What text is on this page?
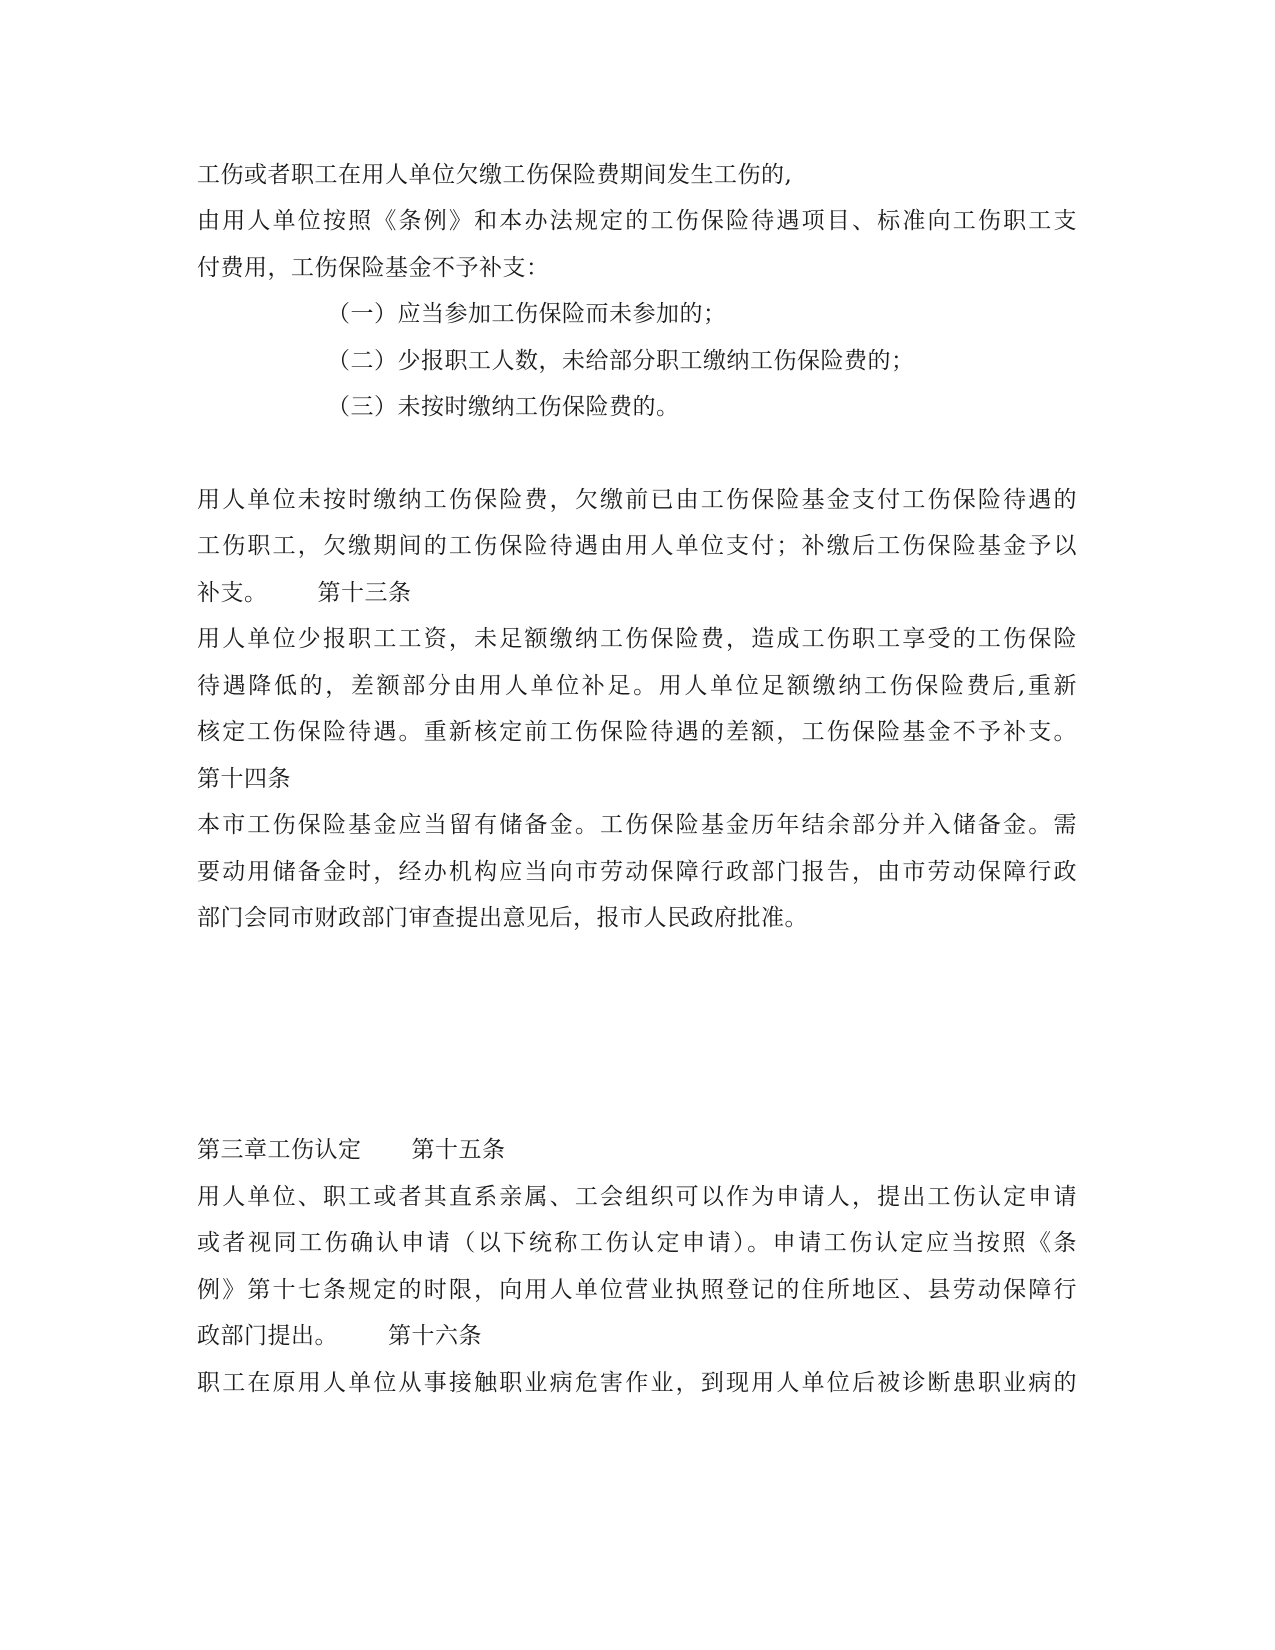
工伤或者职工在用人单位欠缴工伤保险费期间发生工伤的,
由用人单位按照《条例》和本办法规定的工伤保险待遇项目、标准向工伤职工支
付费用，工伤保险基金不予补支：
（一）应当参加工伤保险而未参加的；
（二）少报职工人数，未给部分职工缴纳工伤保险费的；
（三）未按时缴纳工伤保险费的。
用人单位未按时缴纳工伤保险费，欠缴前已由工伤保险基金支付工伤保险待遇的
工伤职工，欠缴期间的工伤保险待遇由用人单位支付；补缴后工伤保险基金予以
补支。 第十三条
用人单位少报职工工资，未足额缴纳工伤保险费，造成工伤职工享受的工伤保险
待遇降低的，差额部分由用人单位补足。用人单位足额缴纳工伤保险费后,重新
核定工伤保险待遇。重新核定前工伤保险待遇的差额，工伤保险基金不予补支。
第十四条
本市工伤保险基金应当留有储备金。工伤保险基金历年结余部分并入储备金。需
要动用储备金时，经办机构应当向市劳动保障行政部门报告，由市劳动保障行政
部门会同市财政部门审查提出意见后，报市人民政府批准。
第三章工伤认定 第十五条
用人单位、职工或者其直系亲属、工会组织可以作为申请人，提出工伤认定申请
或者视同工伤确认申请（以下统称工伤认定申请）。申请工伤认定应当按照《条
例》第十七条规定的时限，向用人单位营业执照登记的住所地区、县劳动保障行
政部门提出。 第十六条
职工在原用人单位从事接触职业病危害作业，到现用人单位后被诊断患职业病的
